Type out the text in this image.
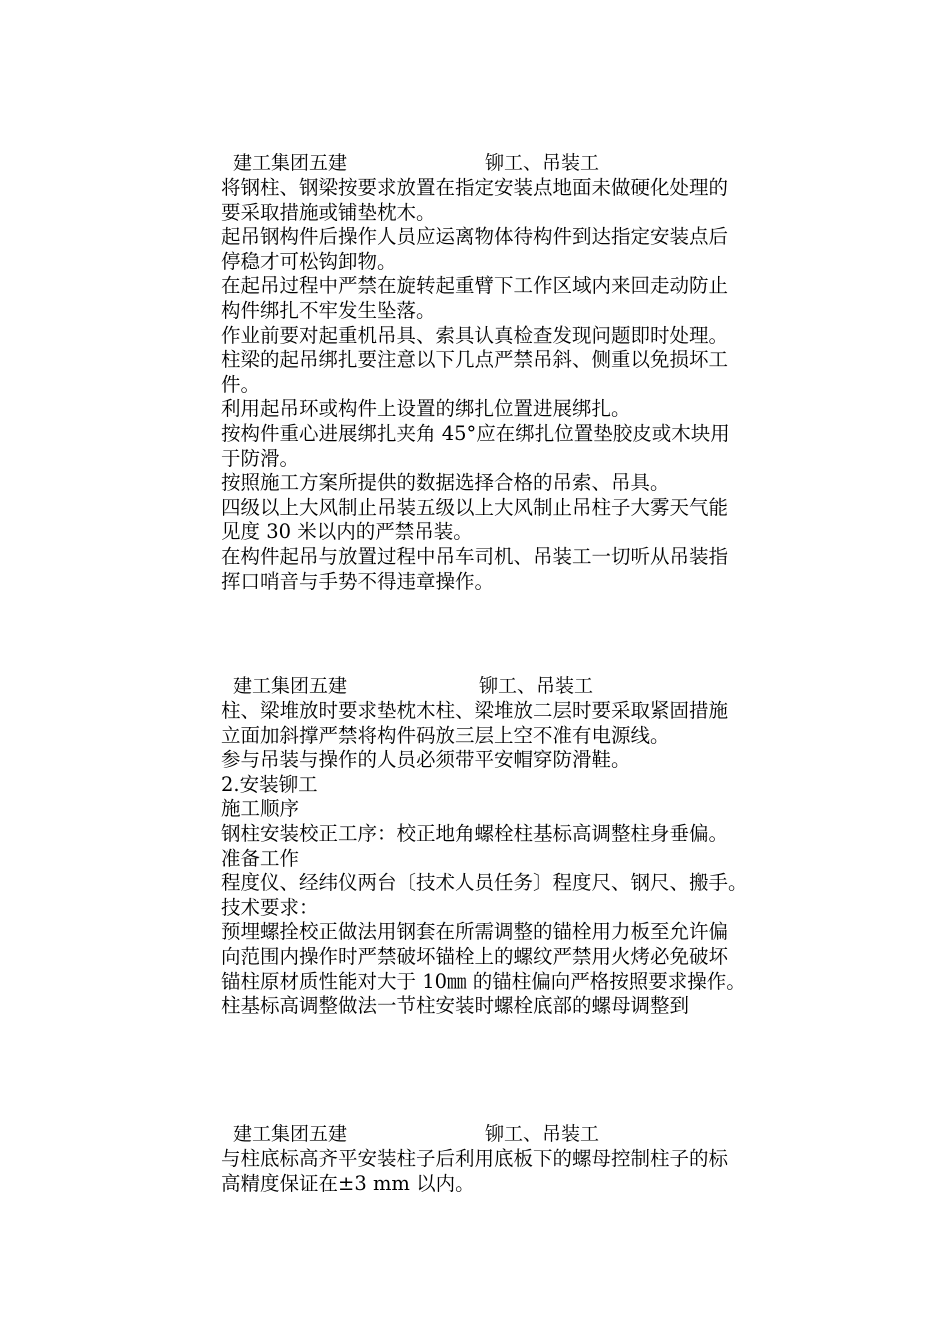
建工集团五建	铆工、吊装工

将钢柱、钢梁按要求放置在指定安装点地面未做硬化处理的

要采取措施或铺垫枕木。

起吊钢构件后操作人员应运离物体待构件到达指定安装点后

停稳才可松钩卸物。

在起吊过程中严禁在旋转起重臂下工作区域内来回走动防止

构件绑扎不牢发生坠落。

作业前要对起重机吊具、索具认真检查发现问题即时处理。

柱梁的起吊绑扎要注意以下几点严禁吊斜、侧重以免损坏工

件。

利用起吊环或构件上设置的绑扎位置进展绑扎。

按构件重心进展绑扎夹角 45°应在绑扎位置垫胶皮或木块用

于防滑。

按照施工方案所提供的数据选择合格的吊索、吊具。

四级以上大风制止吊装五级以上大风制止吊柱子大雾天气能

见度 30 米以内的严禁吊装。

在构件起吊与放置过程中吊车司机、吊装工一切听从吊装指

挥口哨音与手势不得违章操作。

建工集团五建	铆工、吊装工

柱、梁堆放时要求垫枕木柱、梁堆放二层时要采取紧固措施

立面加斜撑严禁将构件码放三层上空不准有电源线。

参与吊装与操作的人员必须带平安帽穿防滑鞋。

2.安装铆工

施工顺序

钢柱安装校正工序：校正地角螺栓柱基标高调整柱身垂偏。

准备工作

程度仪、经纬仪两台〔技术人员任务〕程度尺、钢尺、搬手。

技术要求：

预埋螺拴校正做法用钢套在所需调整的锚栓用力板至允许偏

向范围内操作时严禁破坏锚栓上的螺纹严禁用火烤必免破坏

锚柱原材质性能对大于 10㎜ 的锚柱偏向严格按照要求操作。

柱基标高调整做法一节柱安装时螺栓底部的螺母调整到

建工集团五建	铆工、吊装工

与柱底标高齐平安装柱子后利用底板下的螺母控制柱子的标

高精度保证在±3 mm 以内。
